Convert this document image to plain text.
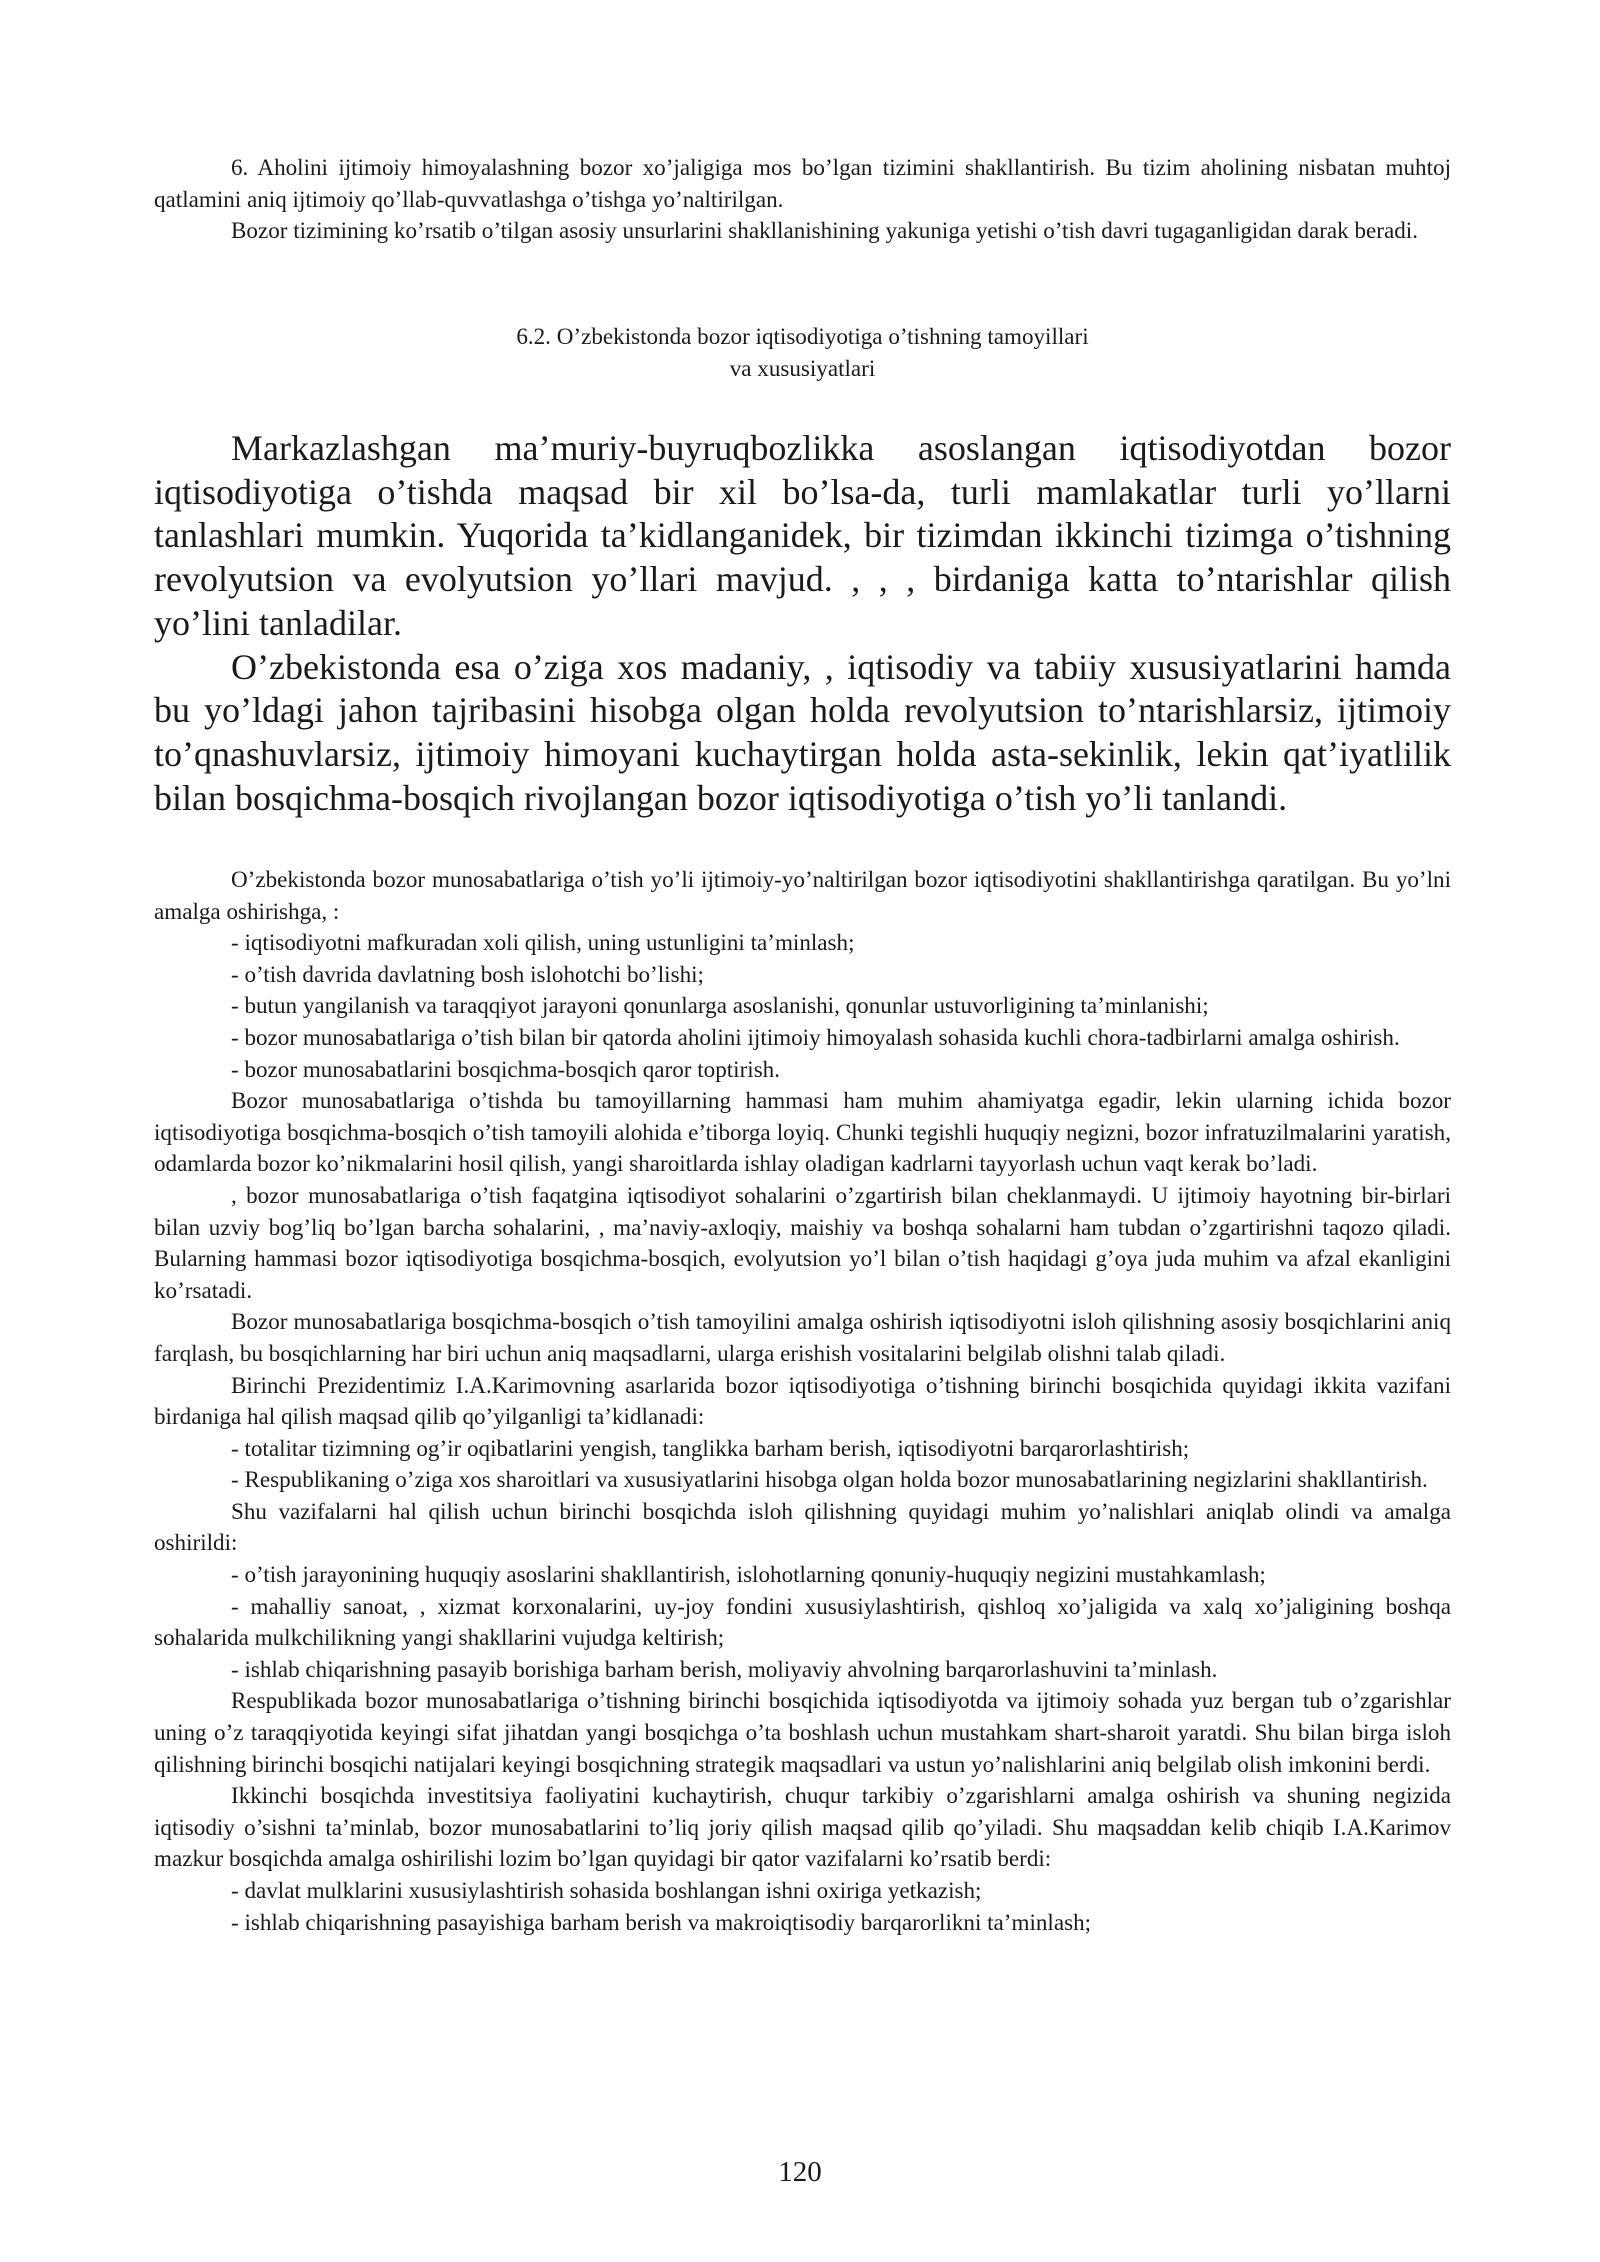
6. Aholini ijtimoiy himoyalashning bozor xo’jaligiga mos bo’lgan tizimini shakllantirish. Bu tizim aholining nisbatan muhtoj qatlamini aniq ijtimoiy qo’llab-quvvatlashga o’tishga yo’naltirilgan.

Bozor tizimining ko’rsatib o’tilgan asosiy unsurlarini shakllanishining yakuniga yetishi o’tish davri tugaganligidan darak beradi.

6.2. O’zbekistonda bozor iqtisodiyotiga o’tishning tamoyillari
va xususiyatlari

Markazlashgan ma’muriy-buyruqbozlikka asoslangan iqtisodiyotdan bozor iqtisodiyotiga o’tishda maqsad bir xil bo’lsa-da, turli mamlakatlar turli yo’llarni tanlashlari mumkin. Yuqorida ta’kidlanganidek, bir tizimdan ikkinchi tizimga o’tishning revolyutsion va evolyutsion yo’llari mavjud. , , , birdaniga katta to’ntarishlar qilish yo’lini tanladilar.

O’zbekistonda esa o’ziga xos madaniy, , iqtisodiy va tabiiy xususiyatlarini hamda bu yo’ldagi jahon tajribasini hisobga olgan holda revolyutsion to’ntarishlarsiz, ijtimoiy to’qnashuvlarsiz, ijtimoiy himoyani kuchaytirgan holda asta-sekinlik, lekin qat’iyatlilik bilan bosqichma-bosqich rivojlangan bozor iqtisodiyotiga o’tish yo’li tanlandi.

O’zbekistonda bozor munosabatlariga o’tish yo’li ijtimoiy-yo’naltirilgan bozor iqtisodiyotini shakllantirishga qaratilgan. Bu yo’lni amalga oshirishga, :

- iqtisodiyotni mafkuradan xoli qilish, uning ustunligini ta’minlash;

- o’tish davrida davlatning bosh islohotchi bo’lishi;

- butun yangilanish va taraqqiyot jarayoni qonunlarga asoslanishi, qonunlar ustuvorligining ta’minlanishi;

- bozor munosabatlariga o’tish bilan bir qatorda aholini ijtimoiy himoyalash sohasida kuchli chora-tadbirlarni amalga oshirish.

- bozor munosabatlarini bosqichma-bosqich qaror toptirish.

Bozor munosabatlariga o’tishda bu tamoyillarning hammasi ham muhim ahamiyatga egadir, lekin ularning ichida bozor iqtisodiyotiga bosqichma-bosqich o’tish tamoyili alohida e’tiborga loyiq. Chunki tegishli huquqiy negizni, bozor infratuzilmalarini yaratish, odamlarda bozor ko’nikmalarini hosil qilish, yangi sharoitlarda ishlay oladigan kadrlarni tayyorlash uchun vaqt kerak bo’ladi.

, bozor munosabatlariga o’tish faqatgina iqtisodiyot sohalarini o’zgartirish bilan cheklanmaydi. U ijtimoiy hayotning bir-birlari bilan uzviy bog’liq bo’lgan barcha sohalarini, , ma’naviy-axloqiy, maishiy va boshqa sohalarni ham tubdan o’zgartirishni taqozo qiladi. Bularning hammasi bozor iqtisodiyotiga bosqichma-bosqich, evolyutsion yo’l bilan o’tish haqidagi g’oya juda muhim va afzal ekanligini ko’rsatadi.

Bozor munosabatlariga bosqichma-bosqich o’tish tamoyilini amalga oshirish iqtisodiyotni isloh qilishning asosiy bosqichlarini aniq farqlash, bu bosqichlarning har biri uchun aniq maqsadlarni, ularga erishish vositalarini belgilab olishni talab qiladi.

Birinchi Prezidentimiz I.A.Karimovning asarlarida bozor iqtisodiyotiga o’tishning birinchi bosqichida quyidagi ikkita vazifani birdaniga hal qilish maqsad qilib qo’yilganligi ta’kidlanadi:

- totalitar tizimning og’ir oqibatlarini yengish, tanglikka barham berish, iqtisodiyotni barqarorlashtirish;

- Respublikaning o’ziga xos sharoitlari va xususiyatlarini hisobga olgan holda bozor munosabatlarining negizlarini shakllantirish.

Shu vazifalarni hal qilish uchun birinchi bosqichda isloh qilishning quyidagi muhim yo’nalishlari aniqlab olindi va amalga oshirildi:

- o’tish jarayonining huquqiy asoslarini shakllantirish, islohotlarning qonuniy-huquqiy negizini mustahkamlash;

- mahalliy sanoat, , xizmat korxonalarini, uy-joy fondini xususiylashtirish, qishloq xo’jaligida va xalq xo’jaligining boshqa sohalarida mulkchilikning yangi shakllarini vujudga keltirish;

- ishlab chiqarishning pasayib borishiga barham berish, moliyaviy ahvolning barqarorlashuvini ta’minlash.

Respublikada bozor munosabatlariga o’tishning birinchi bosqichida iqtisodiyotda va ijtimoiy sohada yuz bergan tub o’zgarishlar uning o’z taraqqiyotida keyingi sifat jihatdan yangi bosqichga o’ta boshlash uchun mustahkam shart-sharoit yaratdi. Shu bilan birga isloh qilishning birinchi bosqichi natijalari keyingi bosqichning strategik maqsadlari va ustun yo’nalishlarini aniq belgilab olish imkonini berdi.

Ikkinchi bosqichda investitsiya faoliyatini kuchaytirish, chuqur tarkibiy o’zgarishlarni amalga oshirish va shuning negizida iqtisodiy o’sishni ta’minlab, bozor munosabatlarini to’liq joriy qilish maqsad qilib qo’yiladi. Shu maqsaddan kelib chiqib I.A.Karimov mazkur bosqichda amalga oshirilishi lozim bo’lgan quyidagi bir qator vazifalarni ko’rsatib berdi:

- davlat mulklarini xususiylashtirish sohasida boshlangan ishni oxiriga yetkazish;

- ishlab chiqarishning pasayishiga barham berish va makroiqtisodiy barqarorlikni ta’minlash;

120
